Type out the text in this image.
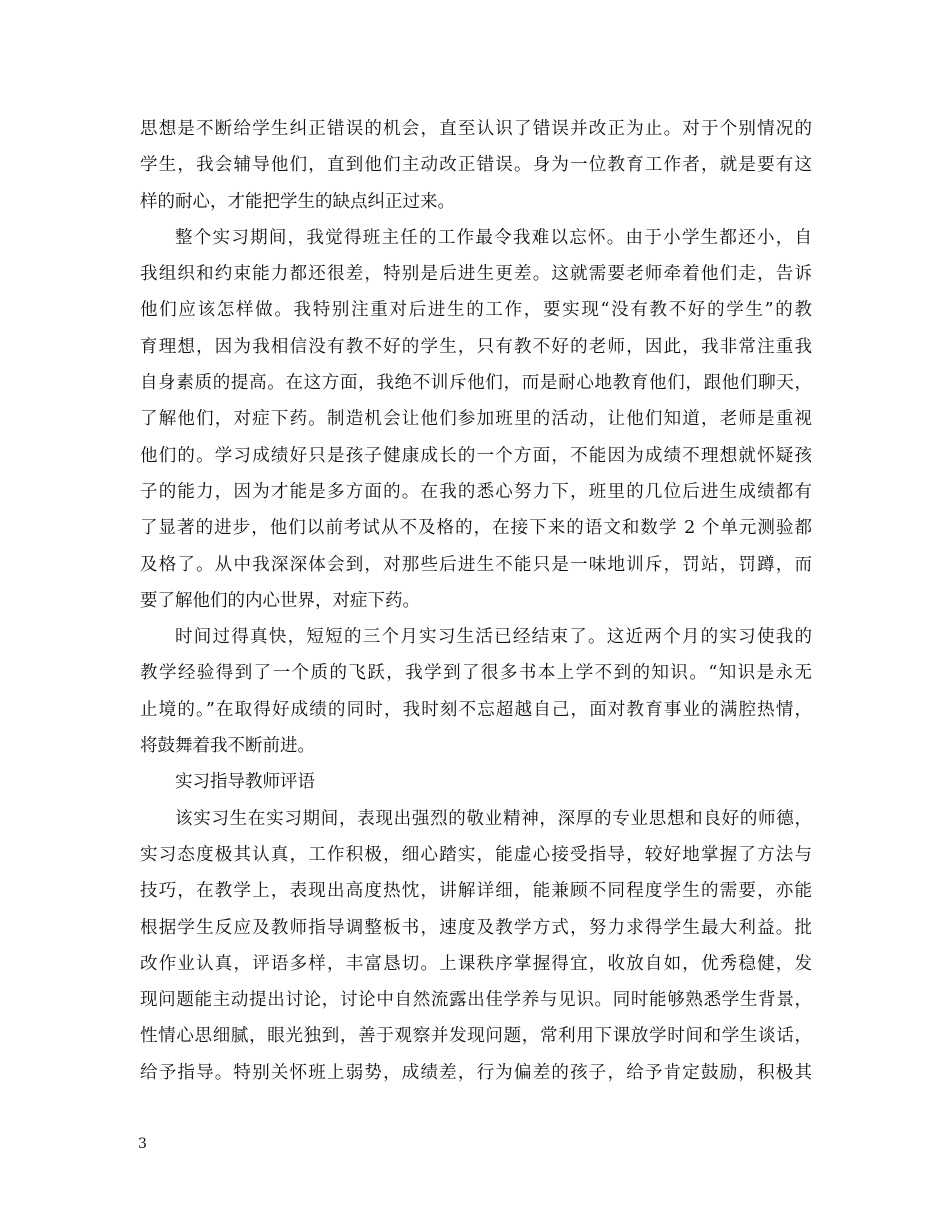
思想是不断给学生纠正错误的机会，直至认识了错误并改正为止。对于个别情况的
学生，我会辅导他们，直到他们主动改正错误。身为一位教育工作者，就是要有这
样的耐心，才能把学生的缺点纠正过来。
整个实习期间，我觉得班主任的工作最令我难以忘怀。由于小学生都还小，自
我组织和约束能力都还很差，特别是后进生更差。这就需要老师牵着他们走，告诉
他们应该怎样做。我特别注重对后进生的工作，要实现“没有教不好的学生”的教
育理想，因为我相信没有教不好的学生，只有教不好的老师，因此，我非常注重我
自身素质的提高。在这方面，我绝不训斥他们，而是耐心地教育他们，跟他们聊天，
了解他们，对症下药。制造机会让他们参加班里的活动，让他们知道，老师是重视
他们的。学习成绩好只是孩子健康成长的一个方面，不能因为成绩不理想就怀疑孩
子的能力，因为才能是多方面的。在我的悉心努力下，班里的几位后进生成绩都有
了显著的进步，他们以前考试从不及格的，在接下来的语文和数学 2 个单元测验都
及格了。从中我深深体会到，对那些后进生不能只是一味地训斥，罚站，罚蹲，而
要了解他们的内心世界，对症下药。
时间过得真快，短短的三个月实习生活已经结束了。这近两个月的实习使我的
教学经验得到了一个质的飞跃，我学到了很多书本上学不到的知识。“知识是永无
止境的。”在取得好成绩的同时，我时刻不忘超越自己，面对教育事业的满腔热情，
将鼓舞着我不断前进。
实习指导教师评语
该实习生在实习期间，表现出强烈的敬业精神，深厚的专业思想和良好的师德，
实习态度极其认真，工作积极，细心踏实，能虚心接受指导，较好地掌握了方法与
技巧，在教学上，表现出高度热忱，讲解详细，能兼顾不同程度学生的需要，亦能
根据学生反应及教师指导调整板书，速度及教学方式，努力求得学生最大利益。批
改作业认真，评语多样，丰富恳切。上课秩序掌握得宜，收放自如，优秀稳健，发
现问题能主动提出讨论，讨论中自然流露出佳学养与见识。同时能够熟悉学生背景，
性情心思细腻，眼光独到，善于观察并发现问题，常利用下课放学时间和学生谈话，
给予指导。特别关怀班上弱势，成绩差，行为偏差的孩子，给予肯定鼓励，积极其
3
